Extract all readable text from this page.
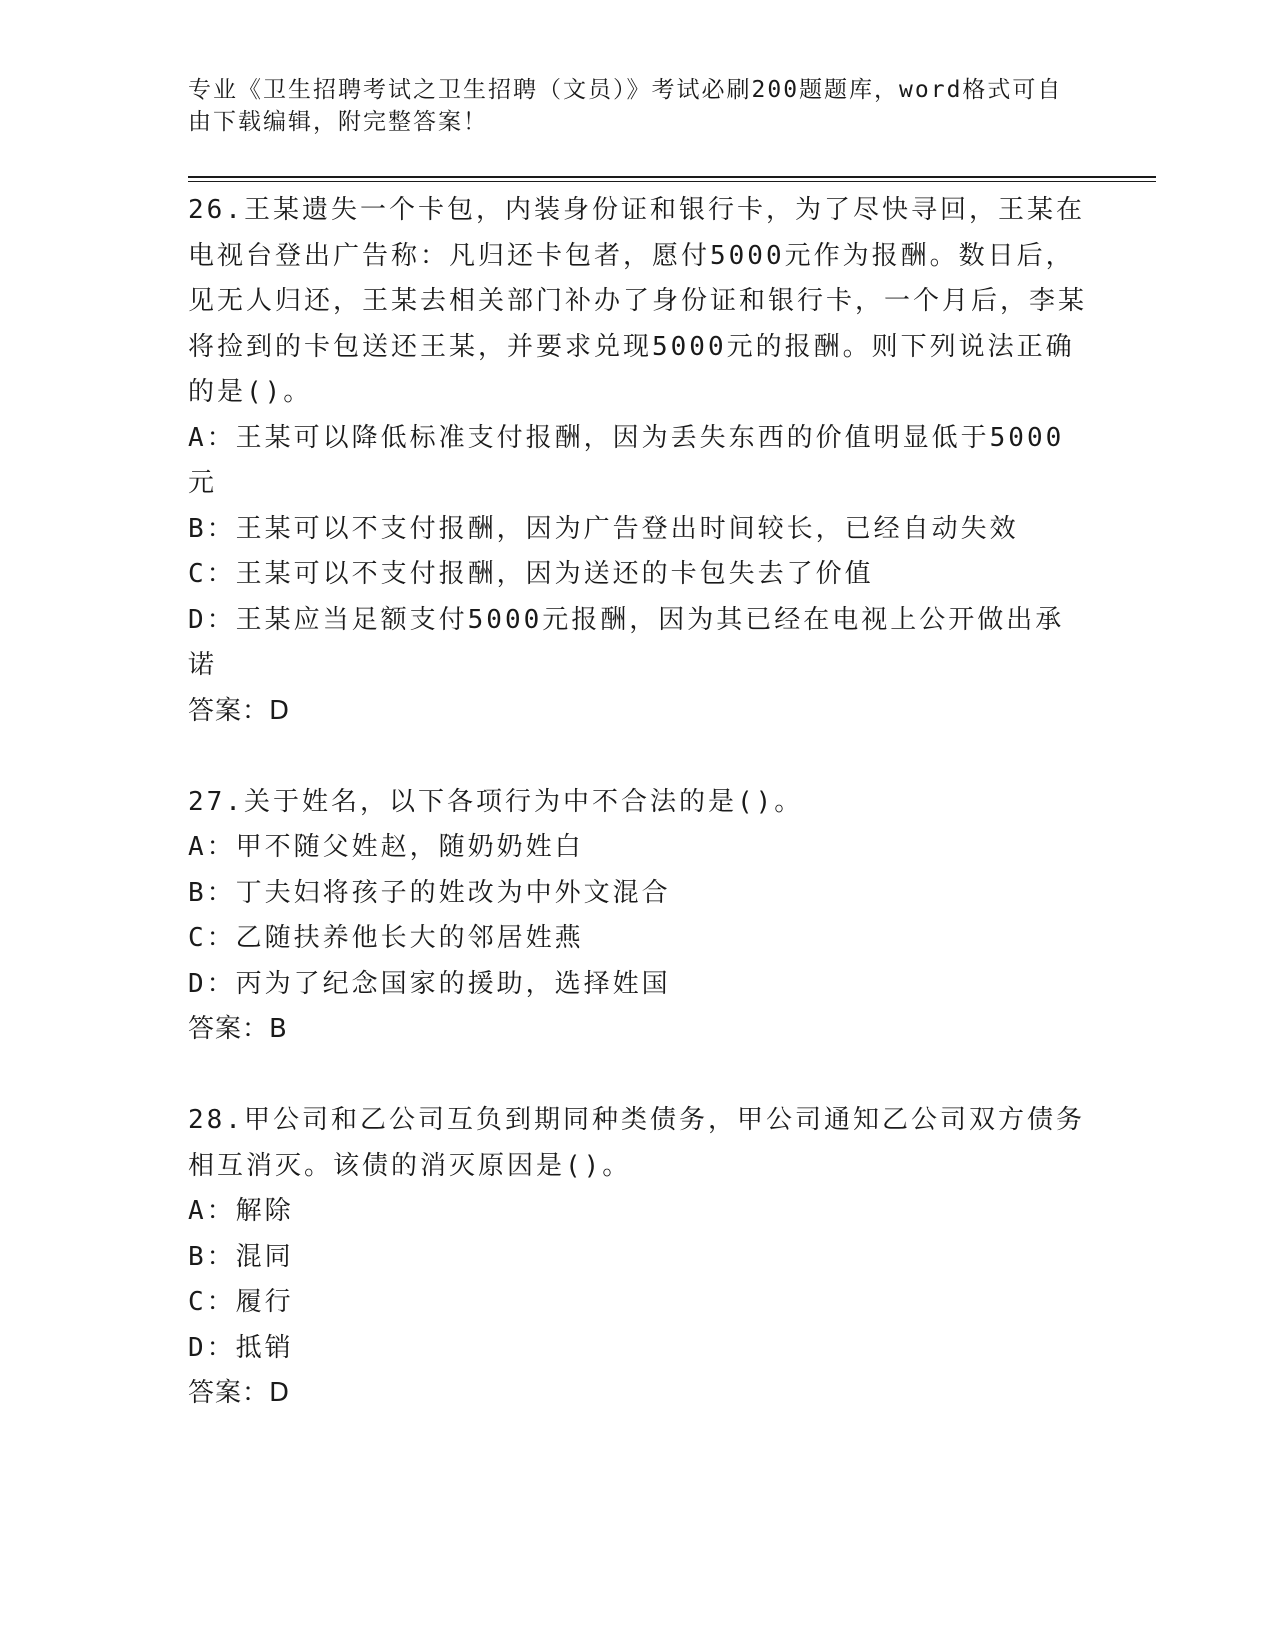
专业《卫生招聘考试之卫生招聘（文员）》考试必刷200题题库，word格式可自
由下载编辑，附完整答案！
26.王某遗失一个卡包，内装身份证和银行卡，为了尽快寻回，王某在电视台登出广告称：凡归还卡包者，愿付5000元作为报酬。数日后，见无人归还，王某去相关部门补办了身份证和银行卡，一个月后，李某将捡到的卡包送还王某，并要求兑现5000元的报酬。则下列说法正确的是()。
A：王某可以降低标准支付报酬，因为丢失东西的价值明显低于5000元
B：王某可以不支付报酬，因为广告登出时间较长，已经自动失效
C：王某可以不支付报酬，因为送还的卡包失去了价值
D：王某应当足额支付5000元报酬，因为其已经在电视上公开做出承诺
答案：D
27.关于姓名，以下各项行为中不合法的是()。
A：甲不随父姓赵，随奶奶姓白
B：丁夫妇将孩子的姓改为中外文混合
C：乙随扶养他长大的邻居姓燕
D：丙为了纪念国家的援助，选择姓国
答案：B
28.甲公司和乙公司互负到期同种类债务，甲公司通知乙公司双方债务相互消灭。该债的消灭原因是()。
A：解除
B：混同
C：履行
D：抵销
答案：D
